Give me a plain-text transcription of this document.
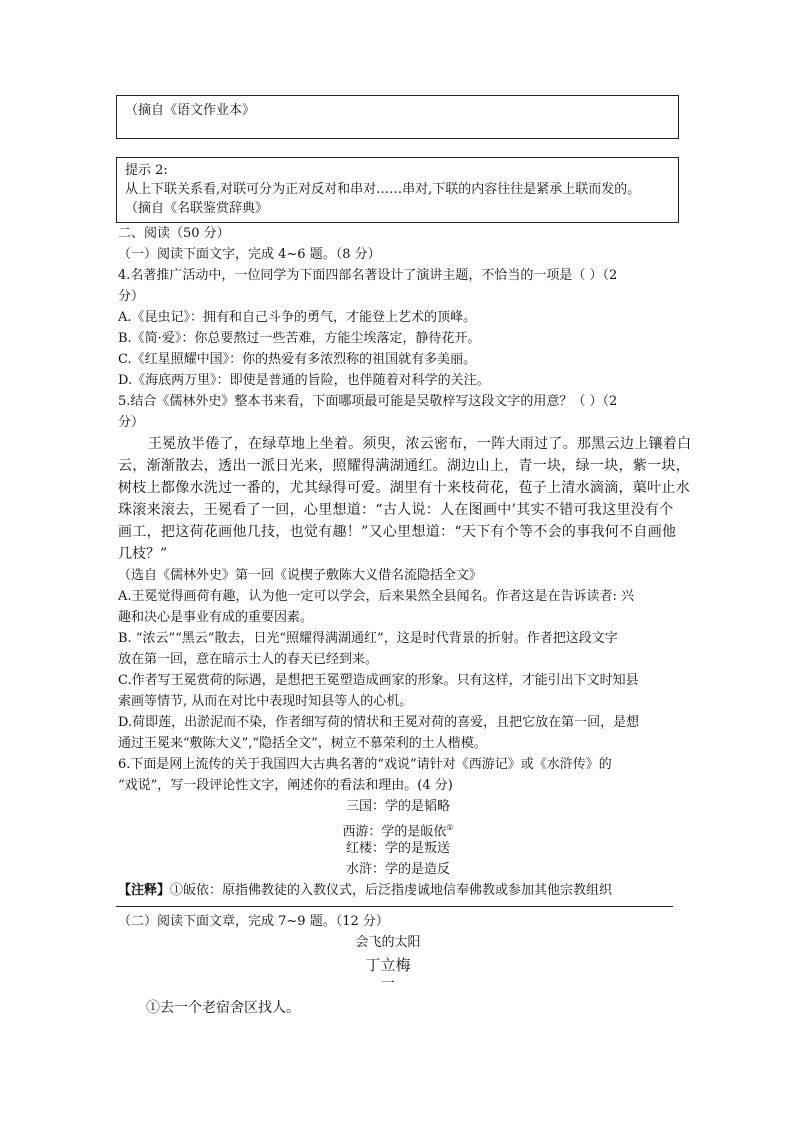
（摘自《语文作业本》
提示 2:
从上下联关系看,对联可分为正对反对和串对……串对,下联的内容往往是紧承上联而发的。
（摘自《名联鉴赏辞典》
二、阅读（50 分）
（一）阅读下面文字，完成 4~6 题。（8 分）
4.名著推广活动中，一位同学为下面四部名著设计了演讲主题，不恰当的一项是（ ）（2
分）
A.《昆虫记》：拥有和自己斗争的勇气，才能登上艺术的顶峰。
B.《简·爱》：你总要熬过一些苦难，方能尘埃落定，静待花开。
C.《红星照耀中国》：你的热爱有多浓烈称的祖国就有多美丽。
D.《海底两万里》：即使是普通的旨险，也伴随着对科学的关注。
5.结合《儒林外史》整本书来看，下面哪项最可能是吴敬梓写这段文字的用意？（ ）（2
分）
王冕放半倦了，在绿草地上坐着。须臾，浓云密布，一阵大雨过了。那黑云边上镶着白
云，渐渐散去，透出一派日光来，照耀得满湖通红。湖边山上，青一块，绿一块，紫一块，
树枝上都像水洗过一番的，尤其绿得可爱。湖里有十来枝荷花，苞子上清水滴滴，蕖叶止水
珠滚来滚去，王冕看了一回，心里想道：“古人说：人在图画中’其实不错可我这里没有个
画工，把这荷花画他几技，也觉有趣！”又心里想道：“天下有个等不会的事我何不自画他
几枝？”
（选自《儒林外史》第一回《说楔子敷陈大义借名流隐括全文》
A.王冕觉得画荷有趣，认为他一定可以学会，后来果然全县闻名。作者这是在告诉读者: 兴
趣和决心是事业有成的重要因素。
B. “浓云”“黑云”散去，日光“照耀得满湖通红”，这是时代背景的折射。作者把这段文字
放在第一回，意在暗示士人的春天已经到来。
C.作者写王冕赏荷的际遇，是想把王冕塑造成画家的形象。只有这样，才能引出下文时知县
索画等情节, 从而在对比中表现时知县等人的心机。
D.荷即莲，出淤泥而不染，作者细写荷的情状和王冕对荷的喜爱，且把它放在第一回，是想
通过王冕来“敷陈大义”,“隐括全文”，树立不慕荣利的土人楷模。
6.下面是网上流传的关于我国四大古典名著的“戏说”请针对《西游记》或《水浒传》的
“戏说”，写一段评论性文字，阐述你的看法和理由。(4 分)
三国：学的是韬略
西游：学的是皈依①
红楼：学的是叛送
水浒：学的是造反
【注释】①皈依：原指佛教徒的入教仪式，后泛指虔诚地信奉佛教或参加其他宗教组织
（二）阅读下面文章，完成 7~9 题。（12 分）
会飞的太阳
丁立梅
一
①去一个老宿舍区找人。
